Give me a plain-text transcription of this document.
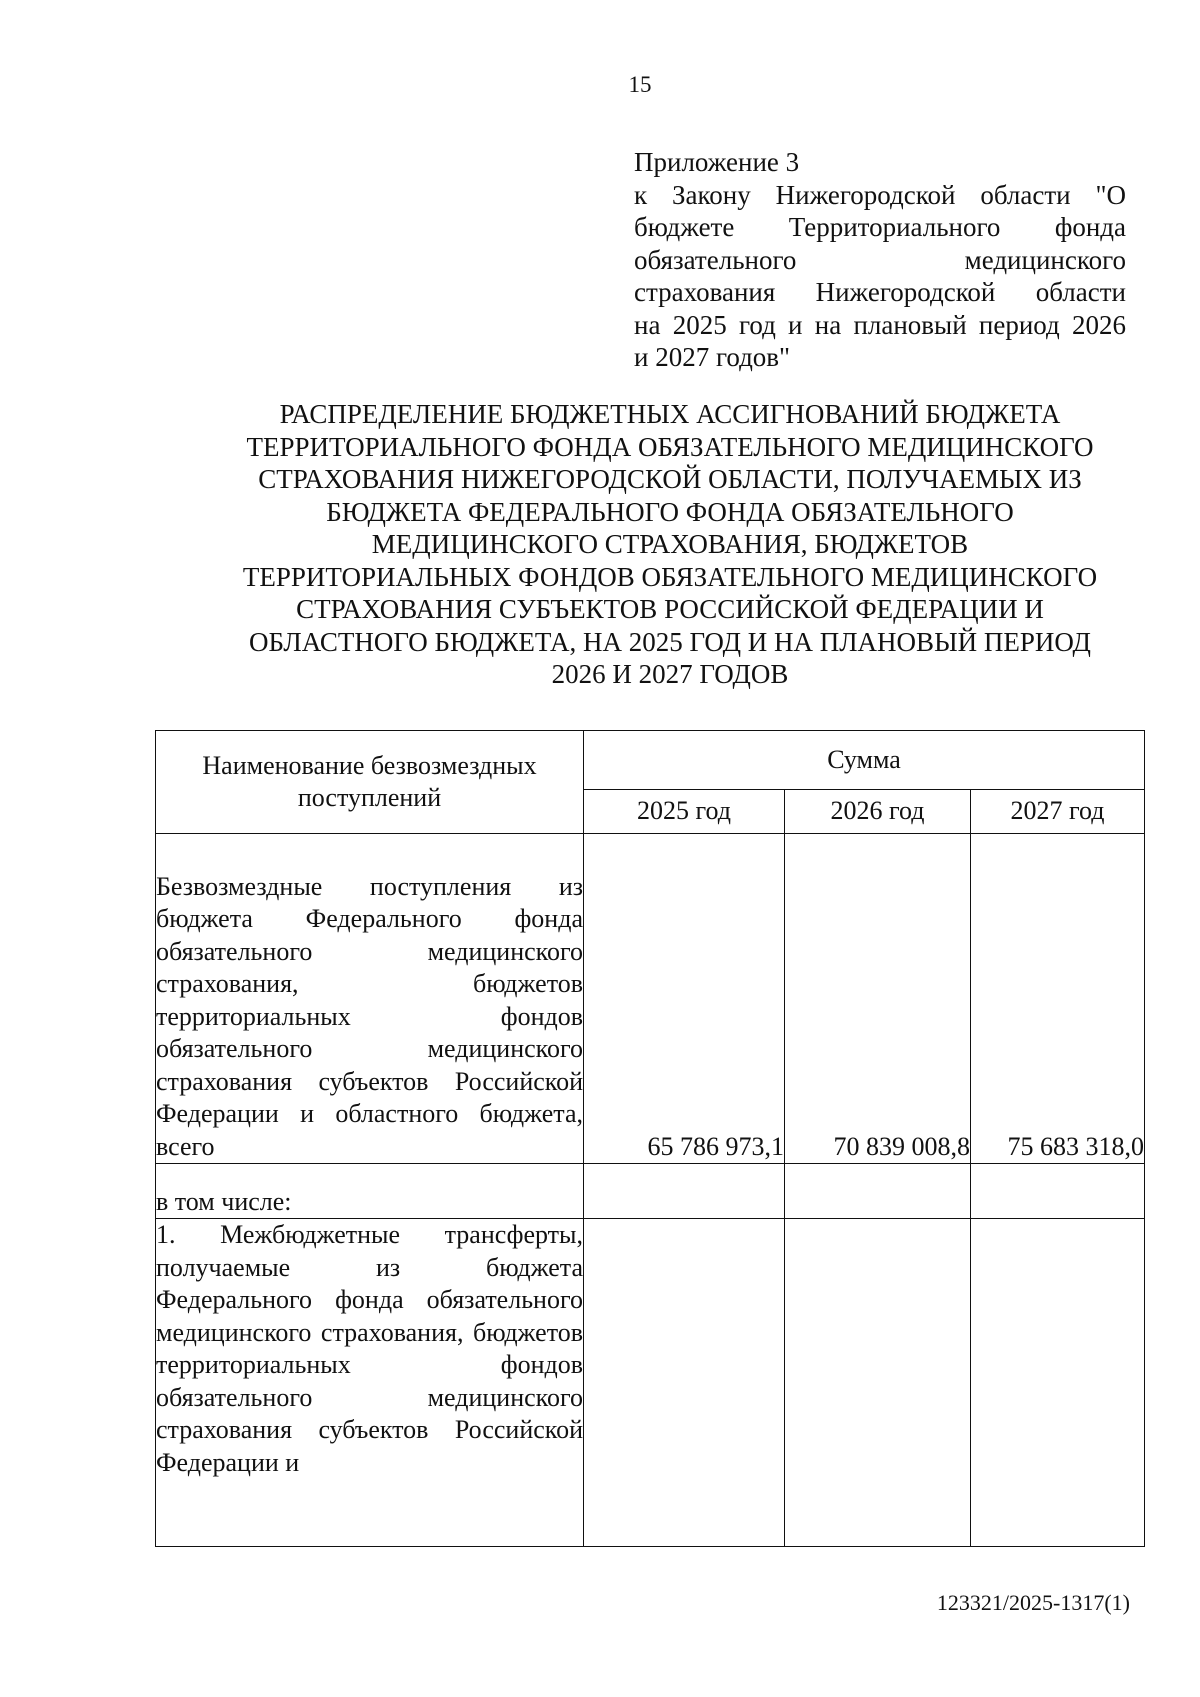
15
Приложение 3
к Закону Нижегородской области "О
бюджете Территориального фонда
обязательного медицинского
страхования Нижегородской области
на 2025 год и на плановый период 2026
и 2027 годов"
РАСПРЕДЕЛЕНИЕ БЮДЖЕТНЫХ АССИГНОВАНИЙ БЮДЖЕТА
ТЕРРИТОРИАЛЬНОГО ФОНДА ОБЯЗАТЕЛЬНОГО МЕДИЦИНСКОГО
СТРАХОВАНИЯ НИЖЕГОРОДСКОЙ ОБЛАСТИ, ПОЛУЧАЕМЫХ ИЗ
БЮДЖЕТА ФЕДЕРАЛЬНОГО ФОНДА ОБЯЗАТЕЛЬНОГО
МЕДИЦИНСКОГО СТРАХОВАНИЯ, БЮДЖЕТОВ
ТЕРРИТОРИАЛЬНЫХ ФОНДОВ ОБЯЗАТЕЛЬНОГО МЕДИЦИНСКОГО
СТРАХОВАНИЯ СУБЪЕКТОВ РОССИЙСКОЙ ФЕДЕРАЦИИ И
ОБЛАСТНОГО БЮДЖЕТА, НА 2025 ГОД И НА ПЛАНОВЫЙ ПЕРИОД
2026 И 2027 ГОДОВ
Наименование безвозмездных поступлений	Сумма		
	2025 год	2026 год	2027 год
Безвозмездные поступления из бюджета Федерального фонда обязательного медицинского страхования, бюджетов территориальных фондов обязательного медицинского страхования субъектов Российской Федерации и областного бюджета, всего	65 786 973,1	70 839 008,8	75 683 318,0
в том числе:			

1. Межбюджетные трансферты, получаемые из бюджета Федерального фонда обязательного медицинского страхования, бюджетов территориальных фондов обязательного медицинского страхования субъектов Российской Федерации и			

123321/2025-1317(1)
